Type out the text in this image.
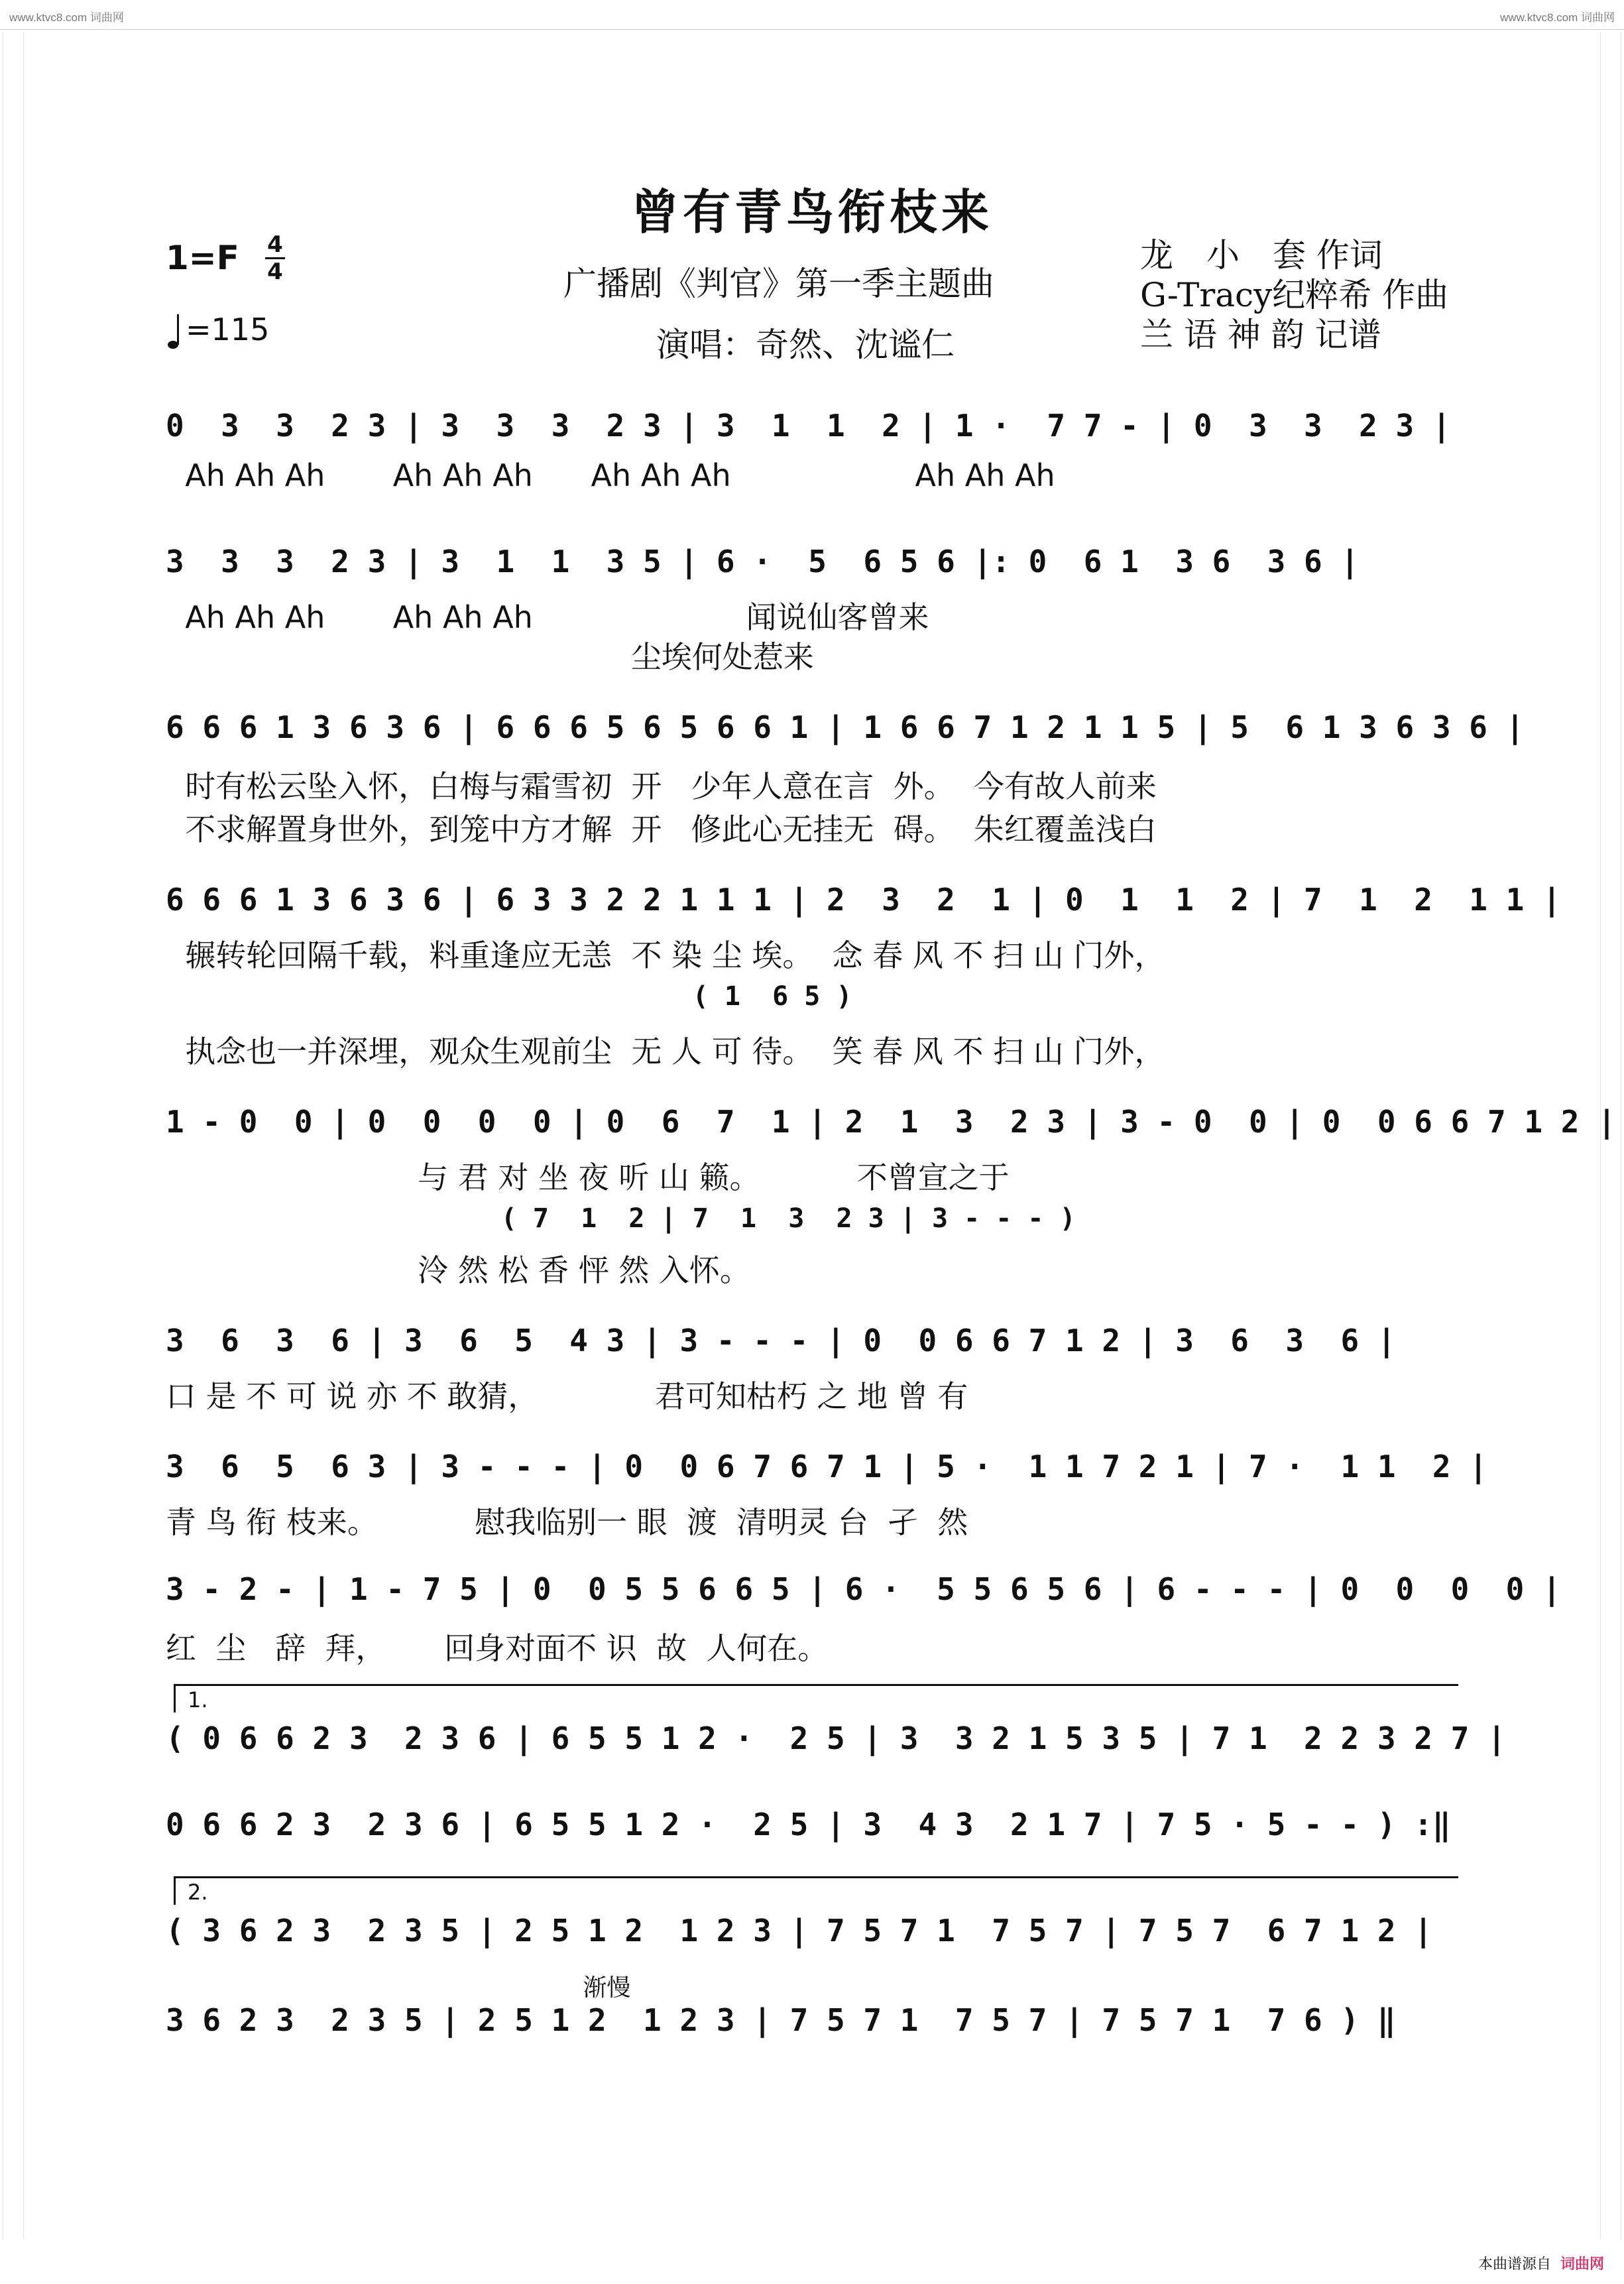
www.ktvc8.com 词曲网	www.ktvc8.com 词曲网
曾有青鸟衔枝来
1=F 4
4
=115
广播剧《判官》第一季主题曲
演唱：奇然、沈谧仁
龙　小　套 作词
G-Tracy纪粹希 作曲
兰 语 神 韵 记谱
0  3  3  2 3 | 3  3  3  2 3 | 3  1  1  2 | 1 ·  7 7 - | 0  3  3  2 3 |
Ah Ah Ah       Ah Ah Ah      Ah Ah Ah                   Ah Ah Ah
3  3  3  2 3 | 3  1  1  3 5 | 6 ·  5  6 5 6 |: 0  6 1  3 6  3 6 |
Ah Ah Ah       Ah Ah Ah                      闻说仙客曾来
尘埃何处惹来
6 6 6 1 3 6 3 6 | 6 6 6 5 6 5 6 6 1 | 1 6 6 7 1 2 1 1 5 | 5  6 1 3 6 3 6 |
时有松云坠入怀，白梅与霜雪初  开   少年人意在言  外。  今有故人前来
不求解置身世外，到笼中方才解  开   修此心无挂无  碍。  朱红覆盖浅白
6 6 6 1 3 6 3 6 | 6 3 3 2 2 1 1 1 | 2  3  2  1 | 0  1  1  2 | 7  1  2  1 1 |
辗转轮回隔千载，料重逢应无恙  不 染 尘 埃。  念 春 风 不 扫 山 门外，
( 1  6 5 )
执念也一并深埋，观众生观前尘  无 人 可 待。  笑 春 风 不 扫 山 门外，
1 - 0  0 | 0  0  0  0 | 0  6  7  1 | 2  1  3  2 3 | 3 - 0  0 | 0  0 6 6 7 1 2 |
与 君 对 坐 夜 听 山 籁。          不曾宣之于
( 7  1  2 | 7  1  3  2 3 | 3 - - - )
泠 然 松 香 怦 然 入怀。
3  6  3  6 | 3  6  5  4 3 | 3 - - - | 0  0 6 6 7 1 2 | 3  6  3  6 |
口 是 不 可 说 亦 不 敢猜，            君可知枯朽 之 地 曾 有
3  6  5  6 3 | 3 - - - | 0  0 6 7 6 7 1 | 5 ·  1 1 7 2 1 | 7 ·  1 1  2 |
青 鸟 衔 枝来。          慰我临别一 眼  渡  清明灵 台  孑  然
3 - 2 - | 1 - 7 5 | 0  0 5 5 6 6 5 | 6 ·  5 5 6 5 6 | 6 - - - | 0  0  0  0 |
红  尘   辞  拜，      回身对面不 识  故  人何在。
1.
( 0 6 6 2 3  2 3 6 | 6 5 5 1 2 ·  2 5 | 3  3 2 1 5 3 5 | 7 1  2 2 3 2 7 |
0 6 6 2 3  2 3 6 | 6 5 5 1 2 ·  2 5 | 3  4 3  2 1 7 | 7 5 · 5 - - ) :‖
2.
( 3 6 2 3  2 3 5 | 2 5 1 2  1 2 3 | 7 5 7 1  7 5 7 | 7 5 7  6 7 1 2 |
渐慢
3 6 2 3  2 3 5 | 2 5 1 2  1 2 3 | 7 5 7 1  7 5 7 | 7 5 7 1  7 6 ) ‖
本曲谱源自 词曲网
